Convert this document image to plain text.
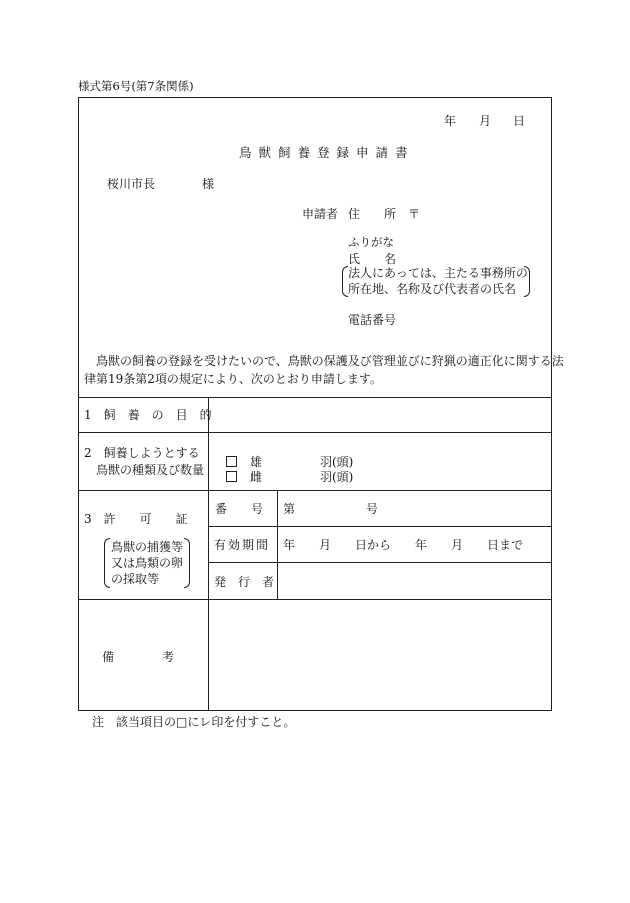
様式第6号(第7条関係)
年 月 日
鳥獣飼養登録申請書
桜川市長	様
申請者 住　　所 〒
ふりがな
氏　　名
法人にあっては、主たる事務所の
所在地、名称及び代表者の氏名
電話番号
鳥獣の飼養の登録を受けたいので、鳥獣の保護及び管理並びに狩猟の適正化に関する法
律第19条第2項の規定により、次のとおり申請します。
1　飼　養　の　目　的
2　飼養しようとする
鳥獣の種類及び数量
雄	羽(頭)
雌	羽(頭)
3　許　　可　　証
鳥獣の捕獲等
又は鳥類の卵
の採取等
番　　号 第	号
有効期間 年　　月　　日から　　年　　月　　日まで
発　行　者
備　　　　考
注　該当項目の□にレ印を付すこと。
